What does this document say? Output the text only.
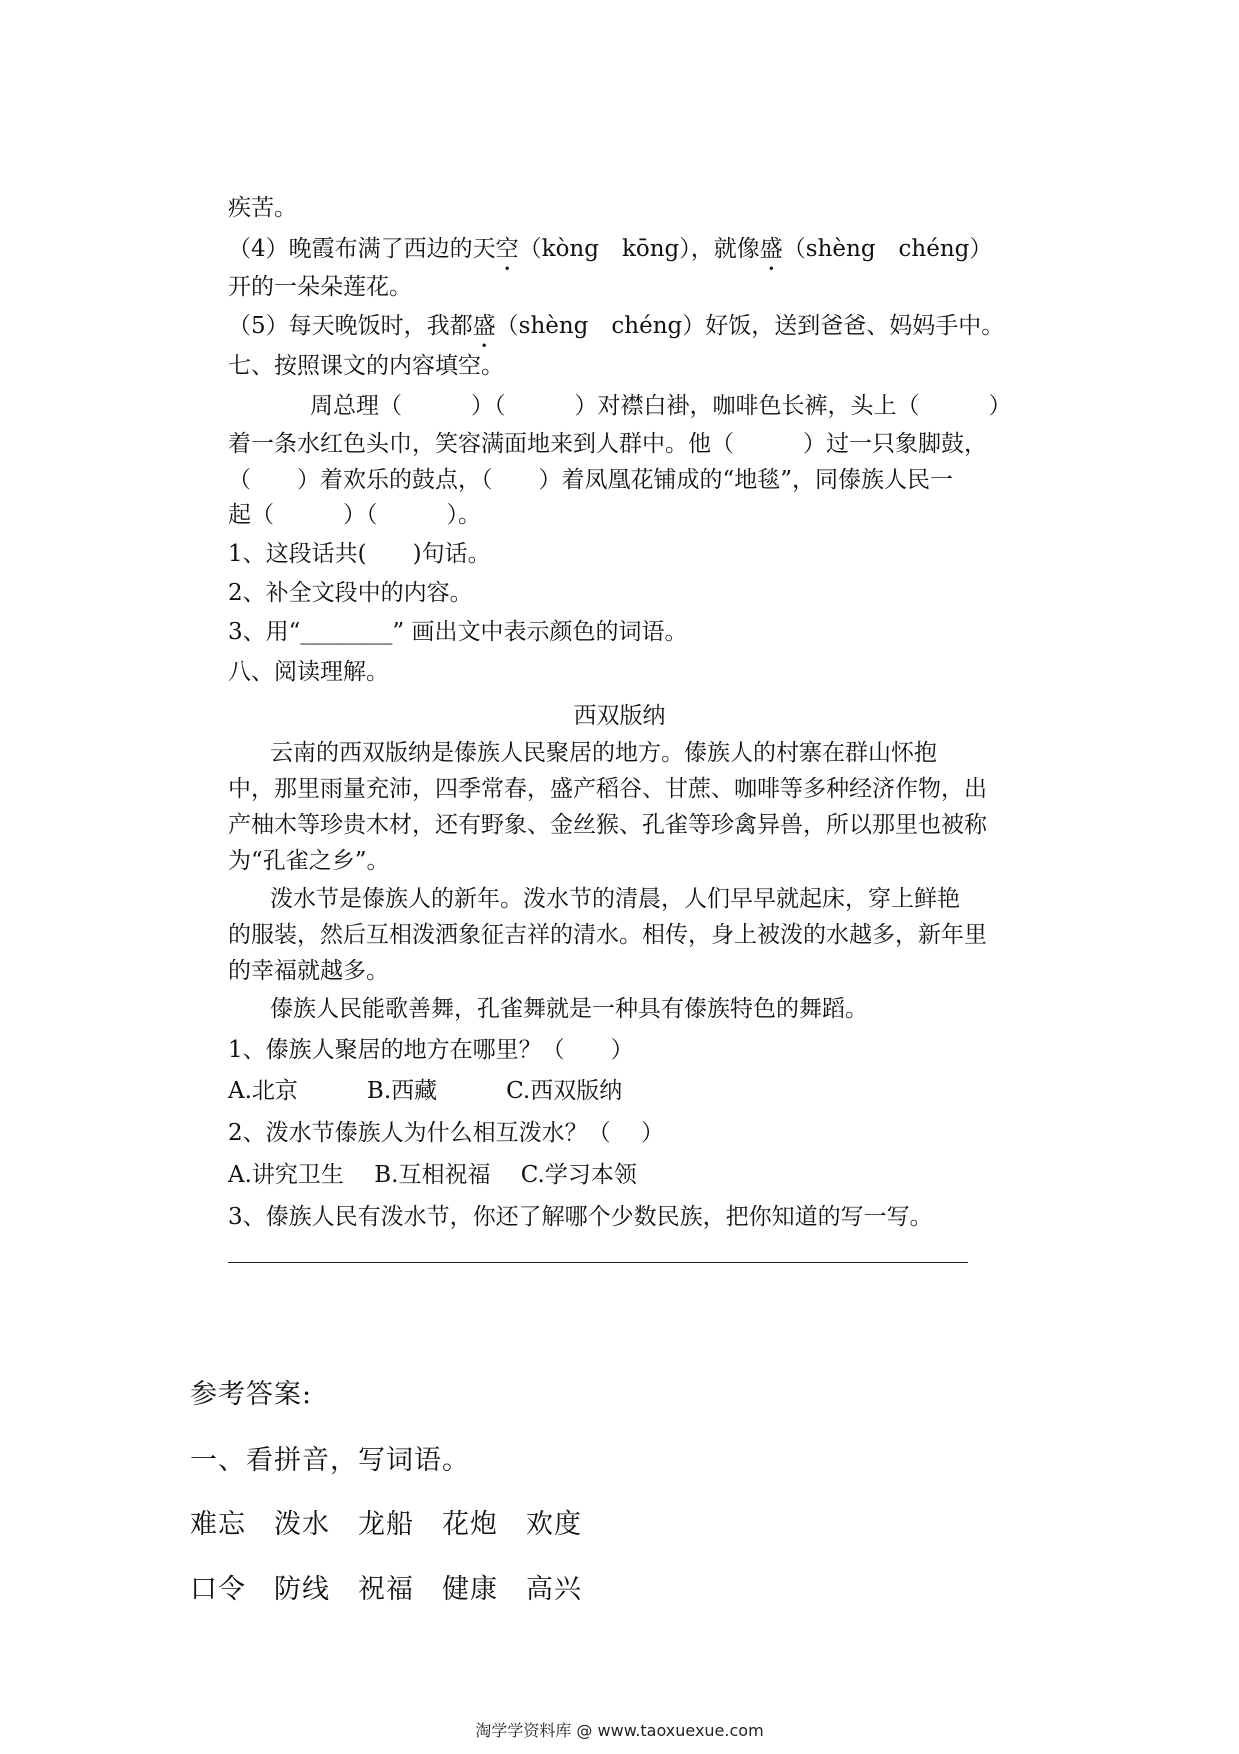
疾苦。
（4）晚霞布满了西边的天空（kòng　kōng），就像盛（shèng　chéng）
开的一朵朵莲花。
（5）每天晚饭时，我都盛（shèng　chéng）好饭，送到爸爸、妈妈手中。
七、按照课文的内容填空。
周总理（　　　）（　　　）对襟白褂，咖啡色长裤，头上（　　　）
着一条水红色头巾，笑容满面地来到人群中。他（　　　）过一只象脚鼓，
（　　）着欢乐的鼓点，（　　）着凤凰花铺成的“地毯”，同傣族人民一
起（　　　）（　　　）。
1、这段话共(　　)句话。
2、补全文段中的内容。
3、用“________” 画出文中表示颜色的词语。
八、阅读理解。
西双版纳
云南的西双版纳是傣族人民聚居的地方。傣族人的村寨在群山怀抱
中，那里雨量充沛，四季常春，盛产稻谷、甘蔗、咖啡等多种经济作物，出
产柚木等珍贵木材，还有野象、金丝猴、孔雀等珍禽异兽，所以那里也被称
为“孔雀之乡”。
泼水节是傣族人的新年。泼水节的清晨，人们早早就起床，穿上鲜艳
的服装，然后互相泼洒象征吉祥的清水。相传，身上被泼的水越多，新年里
的幸福就越多。
傣族人民能歌善舞，孔雀舞就是一种具有傣族特色的舞蹈。
1、傣族人聚居的地方在哪里？（　　）
A.北京　　　B.西藏　　　C.西双版纳
2、泼水节傣族人为什么相互泼水？（　 ）
A.讲究卫生　 B.互相祝福　 C.学习本领
3、傣族人民有泼水节，你还了解哪个少数民族，把你知道的写一写。
参考答案:
一、看拼音，写词语。
难忘　泼水　龙船　花炮　欢度
口令　防线　祝福　健康　高兴
淘学学资料库 @ www.taoxuexue.com
